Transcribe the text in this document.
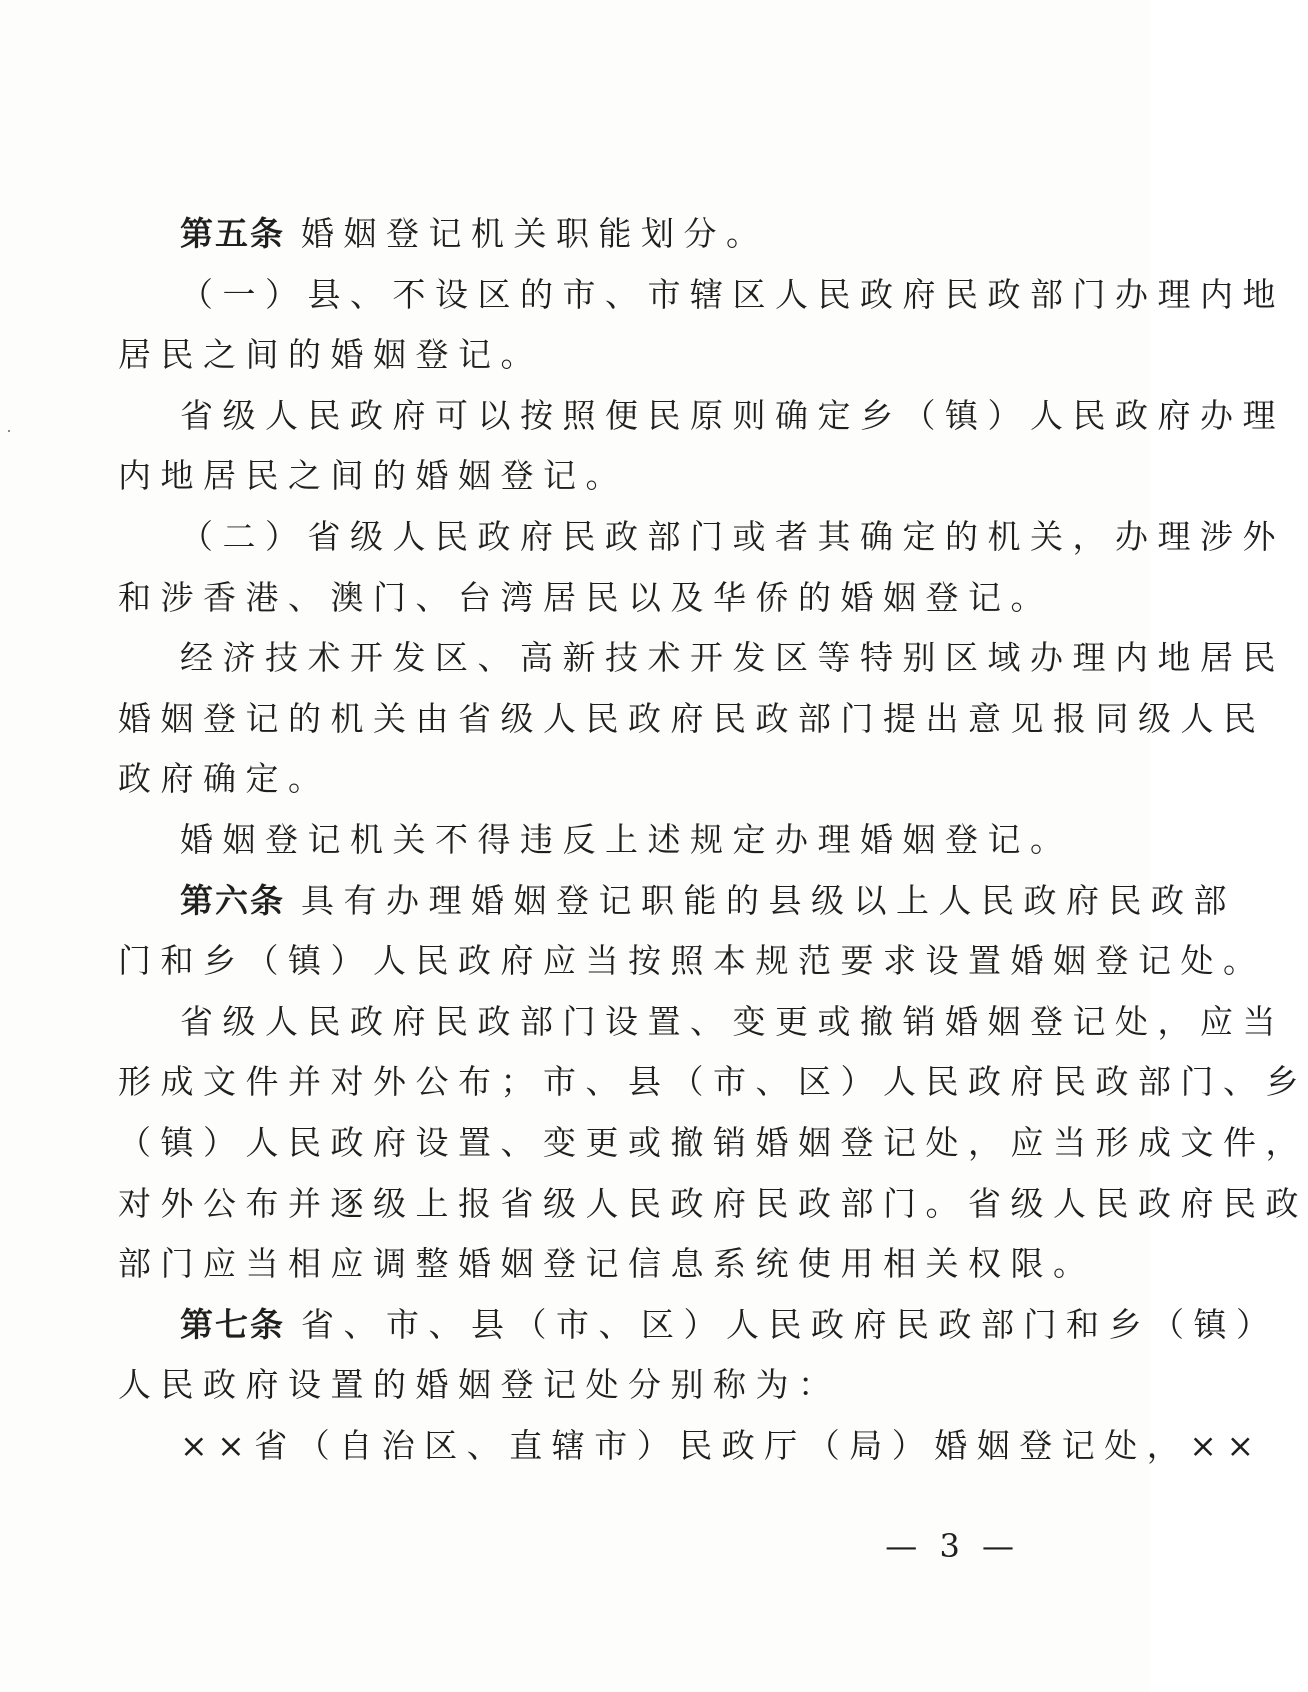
第五条 婚姻登记机关职能划分。
（一）县、不设区的市、市辖区人民政府民政部门办理内地
居民之间的婚姻登记。
省级人民政府可以按照便民原则确定乡（镇）人民政府办理
内地居民之间的婚姻登记。
（二）省级人民政府民政部门或者其确定的机关，办理涉外
和涉香港、澳门、台湾居民以及华侨的婚姻登记。
经济技术开发区、高新技术开发区等特别区域办理内地居民
婚姻登记的机关由省级人民政府民政部门提出意见报同级人民
政府确定。
婚姻登记机关不得违反上述规定办理婚姻登记。
第六条 具有办理婚姻登记职能的县级以上人民政府民政部
门和乡（镇）人民政府应当按照本规范要求设置婚姻登记处。
省级人民政府民政部门设置、变更或撤销婚姻登记处，应当
形成文件并对外公布；市、县（市、区）人民政府民政部门、乡
（镇）人民政府设置、变更或撤销婚姻登记处，应当形成文件，
对外公布并逐级上报省级人民政府民政部门。省级人民政府民政
部门应当相应调整婚姻登记信息系统使用相关权限。
第七条 省、市、县（市、区）人民政府民政部门和乡（镇）
人民政府设置的婚姻登记处分别称为：
××省（自治区、直辖市）民政厅（局）婚姻登记处，××
— 3 —
